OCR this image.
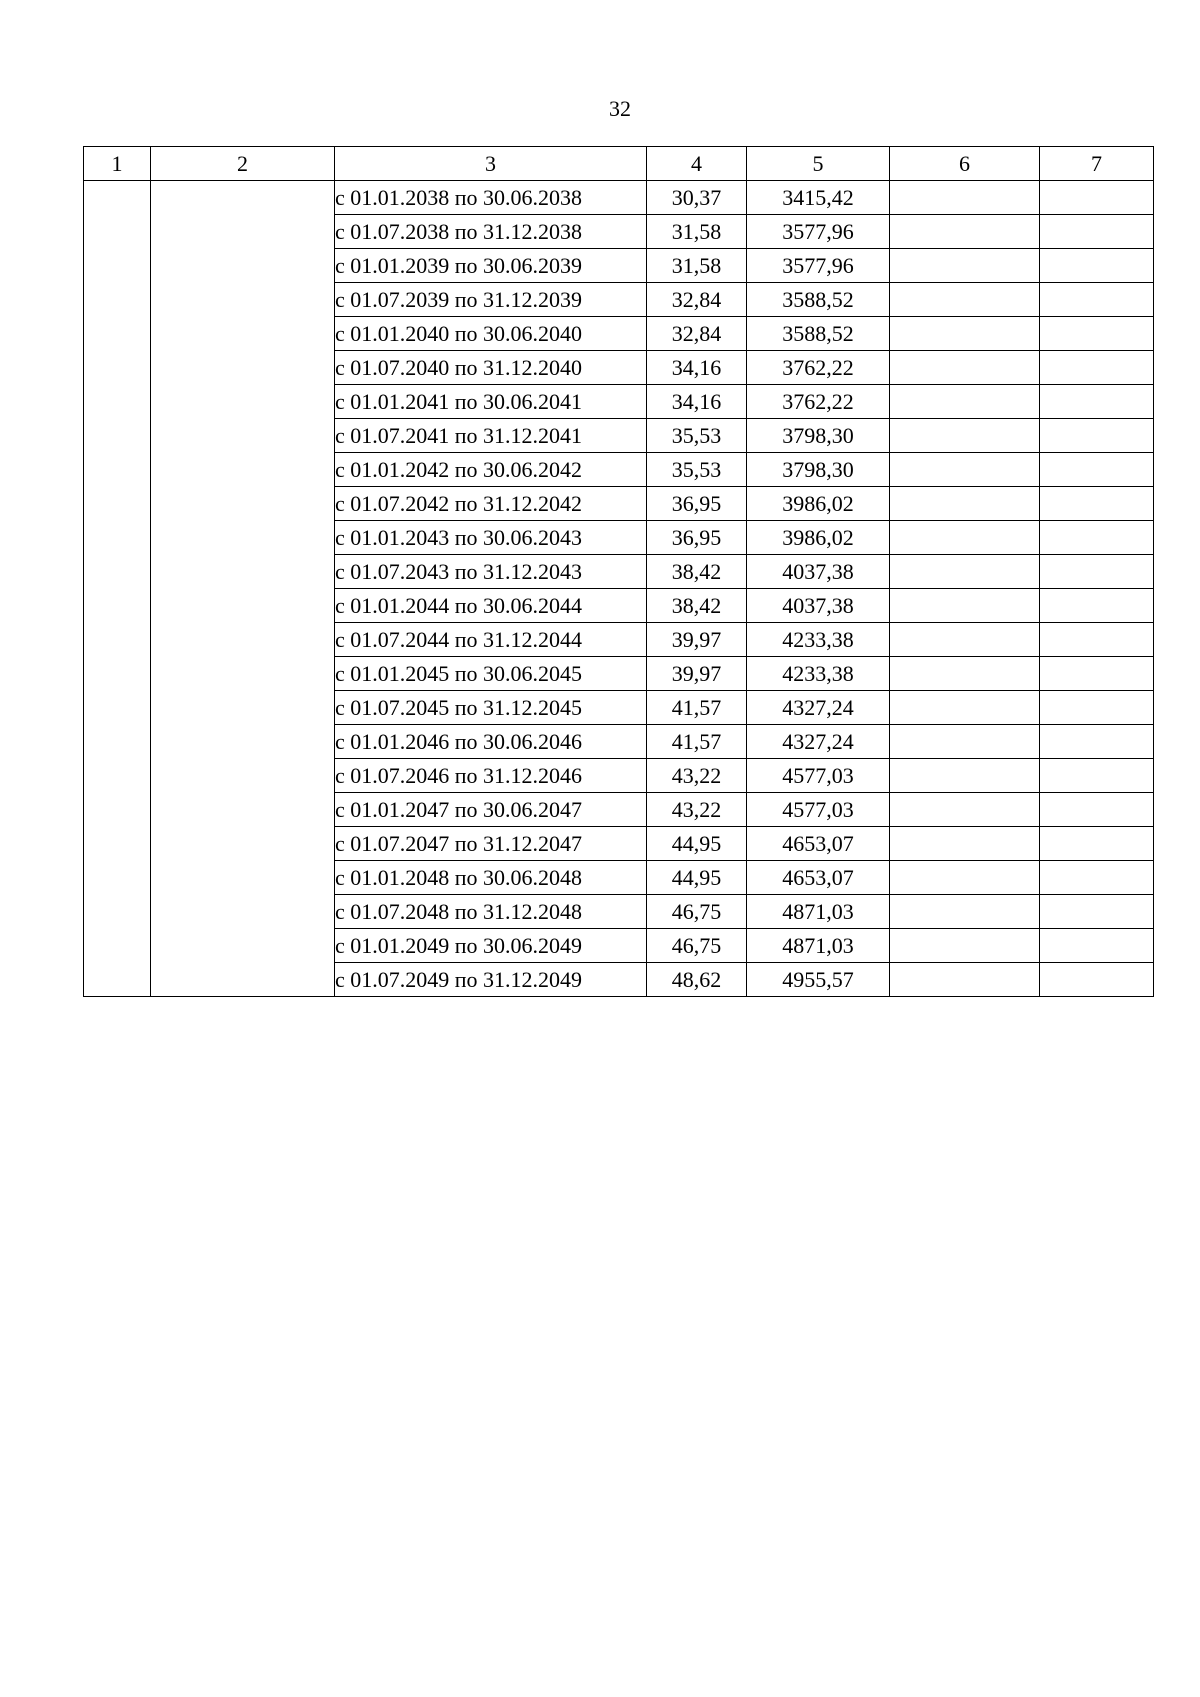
32
1	2	3	4	5	6	7
		с 01.01.2038 по 30.06.2038	30,37	3415,42		
		с 01.07.2038 по 31.12.2038	31,58	3577,96		
		с 01.01.2039 по 30.06.2039	31,58	3577,96		
		с 01.07.2039 по 31.12.2039	32,84	3588,52		
		с 01.01.2040 по 30.06.2040	32,84	3588,52		
		с 01.07.2040 по 31.12.2040	34,16	3762,22		
		с 01.01.2041 по 30.06.2041	34,16	3762,22		
		с 01.07.2041 по 31.12.2041	35,53	3798,30		
		с 01.01.2042 по 30.06.2042	35,53	3798,30		
		с 01.07.2042 по 31.12.2042	36,95	3986,02		
		с 01.01.2043 по 30.06.2043	36,95	3986,02		
		с 01.07.2043 по 31.12.2043	38,42	4037,38		
		с 01.01.2044 по 30.06.2044	38,42	4037,38		
		с 01.07.2044 по 31.12.2044	39,97	4233,38		
		с 01.01.2045 по 30.06.2045	39,97	4233,38		
		с 01.07.2045 по 31.12.2045	41,57	4327,24		
		с 01.01.2046 по 30.06.2046	41,57	4327,24		
		с 01.07.2046 по 31.12.2046	43,22	4577,03		
		с 01.01.2047 по 30.06.2047	43,22	4577,03		
		с 01.07.2047 по 31.12.2047	44,95	4653,07		
		с 01.01.2048 по 30.06.2048	44,95	4653,07		
		с 01.07.2048 по 31.12.2048	46,75	4871,03		
		с 01.01.2049 по 30.06.2049	46,75	4871,03		
		с 01.07.2049 по 31.12.2049	48,62	4955,57		
